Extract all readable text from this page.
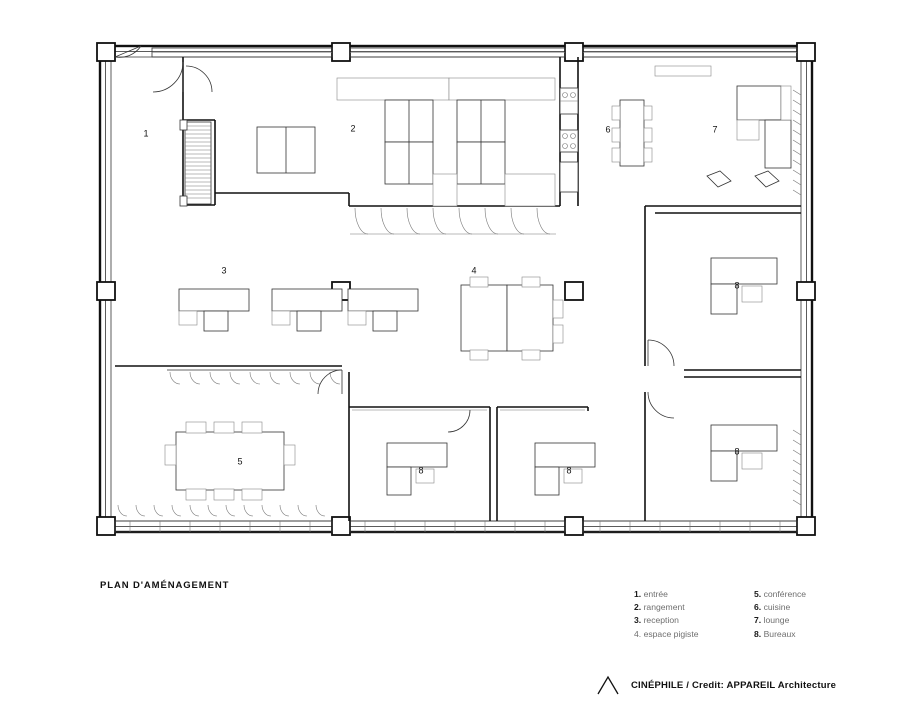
1	2
3	4
5
6	7
8
8
8	8
PLAN D'AMÉNAGEMENT
1. entrée
2. rangement
3. reception
4. espace pigiste
5. conférence
6. cuisine
7. lounge
8. Bureaux
CINÉPHILE / Credit: APPAREIL Architecture
